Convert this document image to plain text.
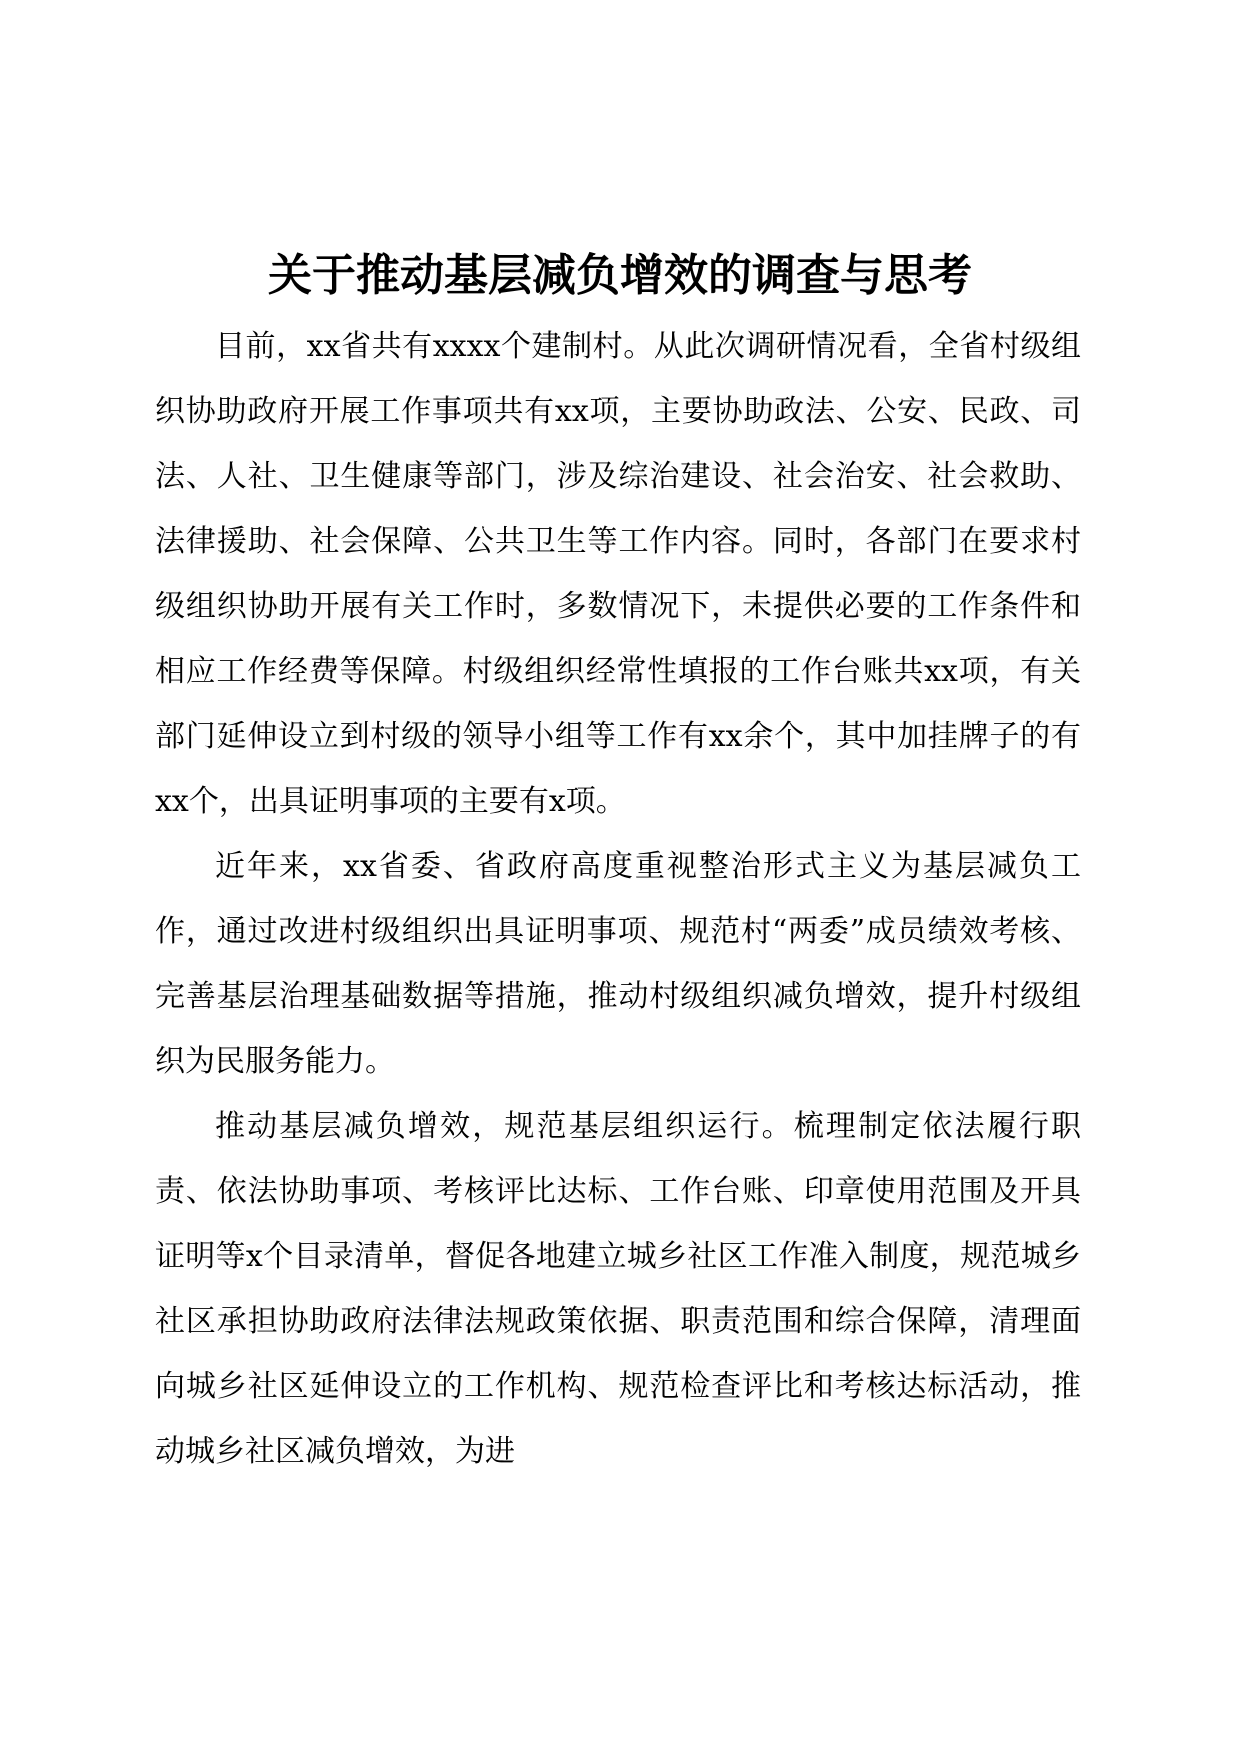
关于推动基层减负增效的调查与思考

目前，xx省共有xxxx个建制村。从此次调研情况看，全省村级组织协助政府开展工作事项共有xx项，主要协助政法、公安、民政、司法、人社、卫生健康等部门，涉及综治建设、社会治安、社会救助、法律援助、社会保障、公共卫生等工作内容。同时，各部门在要求村级组织协助开展有关工作时，多数情况下，未提供必要的工作条件和相应工作经费等保障。村级组织经常性填报的工作台账共xx项，有关部门延伸设立到村级的领导小组等工作有xx余个，其中加挂牌子的有xx个，出具证明事项的主要有x项。

近年来，xx省委、省政府高度重视整治形式主义为基层减负工作，通过改进村级组织出具证明事项、规范村“两委”成员绩效考核、完善基层治理基础数据等措施，推动村级组织减负增效，提升村级组织为民服务能力。

推动基层减负增效，规范基层组织运行。梳理制定依法履行职责、依法协助事项、考核评比达标、工作台账、印章使用范围及开具证明等x个目录清单，督促各地建立城乡社区工作准入制度，规范城乡社区承担协助政府法律法规政策依据、职责范围和综合保障，清理面向城乡社区延伸设立的工作机构、规范检查评比和考核达标活动，推动城乡社区减负增效，为进
